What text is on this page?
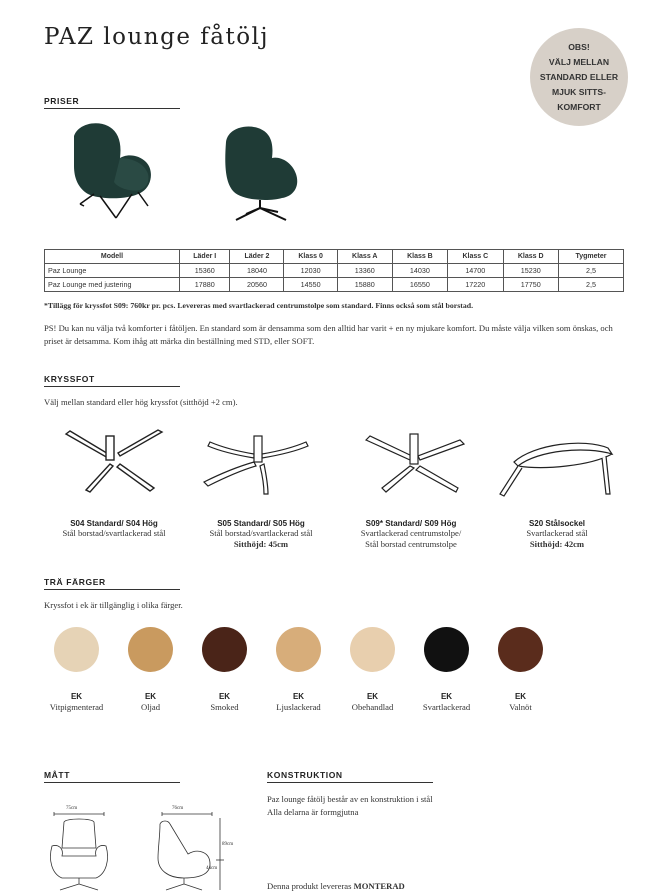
PAZ lounge fåtölj	OBS!
VÄLJ MELLAN
STANDARD ELLER
MJUK SITTS-
KOMFORT
PRISER
Modell	Läder I	Läder 2	Klass 0	Klass A	Klass B	Klass C	Klass D	Tygmeter
Paz Lounge	15360	18040	12030	13360	14030	14700	15230	2,5
Paz Lounge med justering	17880	20560	14550	15880	16550	17220	17750	2,5
*Tillägg för kryssfot S09: 760kr pr. pcs. Levereras med svartlackerad centrumstolpe som standard. Finns också som stål borstad.
PS! Du kan nu välja två komforter i fåtöljen. En standard som är densamma som den alltid har varit + en ny mjukare komfort. Du måste välja vilken som önskas, och priset är detsamma. Kom ihåg att märka din beställning med STD, eller SOFT.
KRYSSFOT
Välj mellan standard eller hög kryssfot (sitthöjd +2 cm).
S04 Standard/ S04 Hög
Stål borstad/svartlackerad stål
S05 Standard/ S05 Hög
Stål borstad/svartlackerad stål
Sitthöjd: 45cm
S09* Standard/ S09 Hög
Svartlackerad centrumstolpe/
Stål borstad centrumstolpe
S20 Stålsockel
Svartlackerad stål
Sitthöjd: 42cm
TRÄ FÄRGER
Kryssfot i ek är tillgänglig i olika färger.
EK
Vitpigmenterad
EK
Oljad
EK
Smoked
EK
Ljuslackerad
EK
Obehandlad
EK
Svartlackerad
EK
Valnöt
MÅTT
75cm	76cm
89cm
44cm
KONSTRUKTION
Paz lounge fåtölj består av en konstruktion i stål
Alla delarna är formgjutna
Denna produkt levereras MONTERAD
